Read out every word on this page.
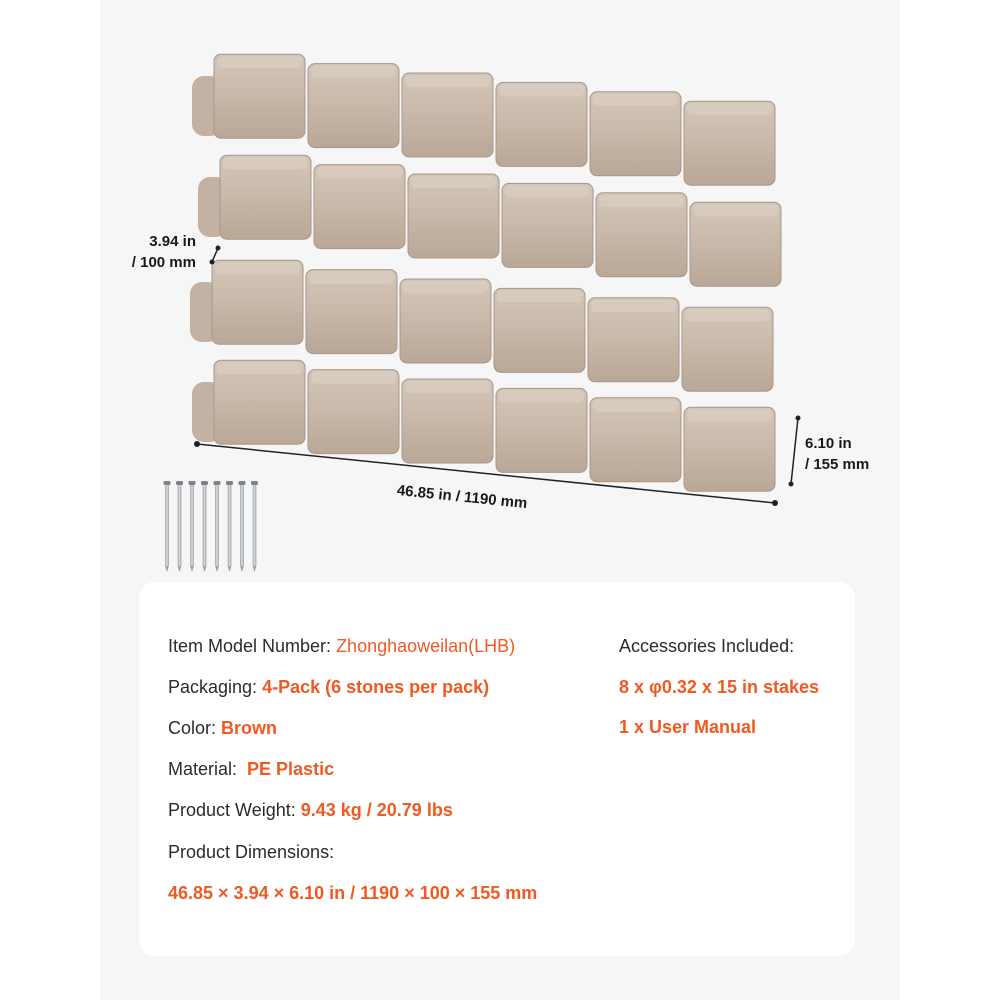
3.94 in
/ 100 mm
6.10 in
/ 155 mm
46.85 in / 1190 mm
Item Model Number: Zhonghaoweilan(LHB)
Packaging: 4-Pack (6 stones per pack)
Color: Brown
Material:  PE Plastic
Product Weight: 9.43 kg / 20.79 lbs
Product Dimensions:
46.85 × 3.94 × 6.10 in / 1190 × 100 × 155 mm
Accessories Included:
8 x φ0.32 x 15 in stakes
1 x User Manual
